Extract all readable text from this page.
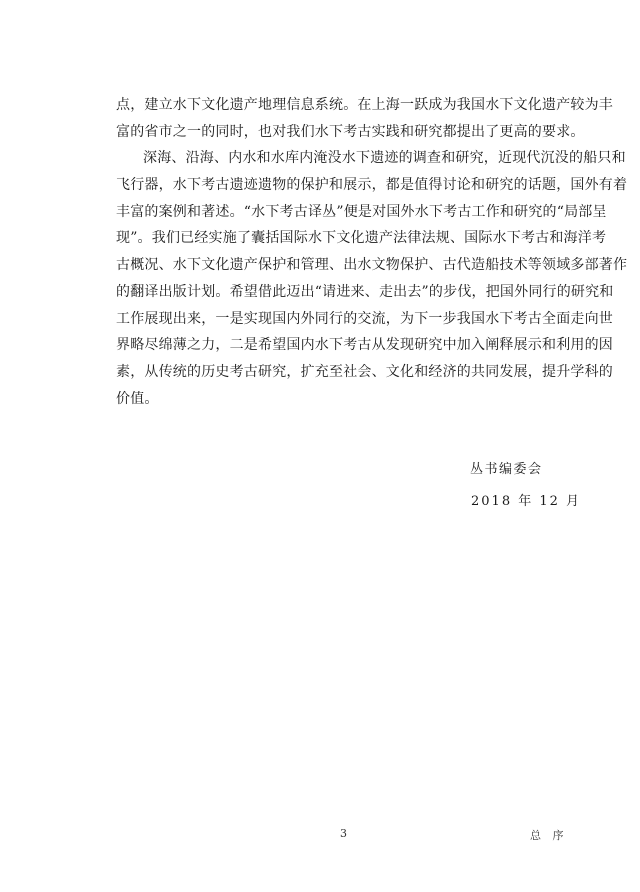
点，建立水下文化遗产地理信息系统。在上海一跃成为我国水下文化遗产较为丰
富的省市之一的同时，也对我们水下考古实践和研究都提出了更高的要求。
深海、沿海、内水和水库内淹没水下遗迹的调查和研究，近现代沉没的船只和
飞行器，水下考古遗迹遗物的保护和展示，都是值得讨论和研究的话题，国外有着
丰富的案例和著述。“水下考古译丛”便是对国外水下考古工作和研究的“局部呈
现”。我们已经实施了囊括国际水下文化遗产法律法规、国际水下考古和海洋考
古概况、水下文化遗产保护和管理、出水文物保护、古代造船技术等领域多部著作
的翻译出版计划。希望借此迈出“请进来、走出去”的步伐，把国外同行的研究和
工作展现出来，一是实现国内外同行的交流，为下一步我国水下考古全面走向世
界略尽绵薄之力，二是希望国内水下考古从发现研究中加入阐释展示和利用的因
素，从传统的历史考古研究，扩充至社会、文化和经济的共同发展，提升学科的
价值。
丛书编委会
2018 年 12 月
3	总 序
